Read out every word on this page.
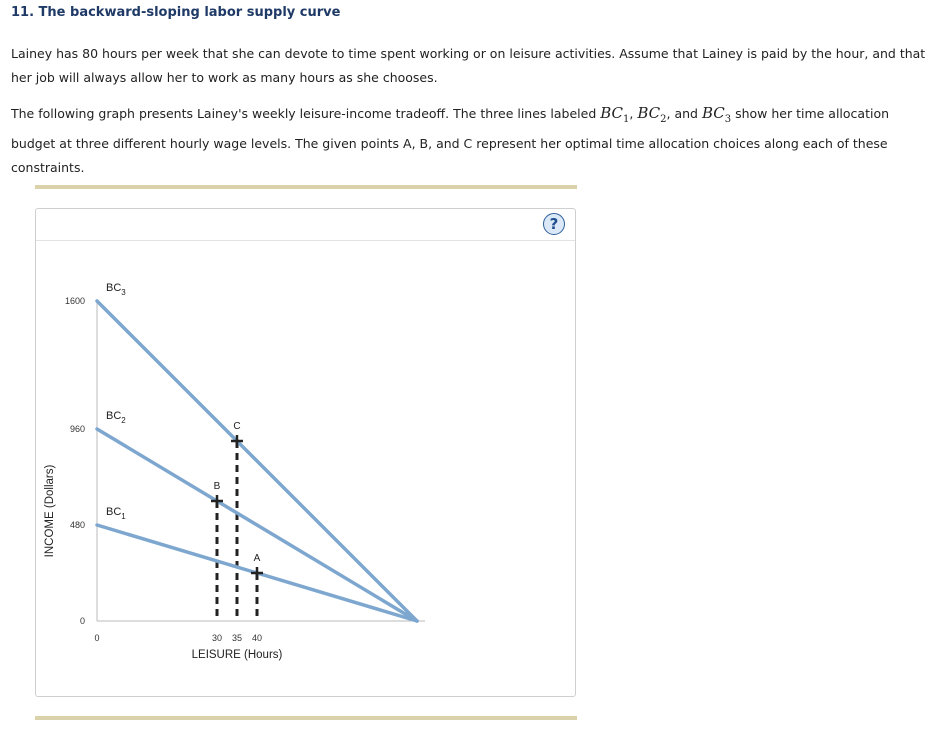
11. The backward-sloping labor supply curve

Lainey has 80 hours per week that she can devote to time spent working or on leisure activities. Assume that Lainey is paid by the hour, and that her job will always allow her to work as many hours as she chooses.

The following graph presents Lainey's weekly leisure-income tradeoff. The three lines labeled $BC_1$, $BC_2$, and $BC_3$ show her time allocation budget at three different hourly wage levels. The given points A, B, and C represent her optimal time allocation choices along each of these constraints.

?
0
480
960
1600
0	30 35 40
LEISURE (Hours)
INCOME (Dollars)	$BC_1$
$BC_2$
$BC_3$
A
B
C
